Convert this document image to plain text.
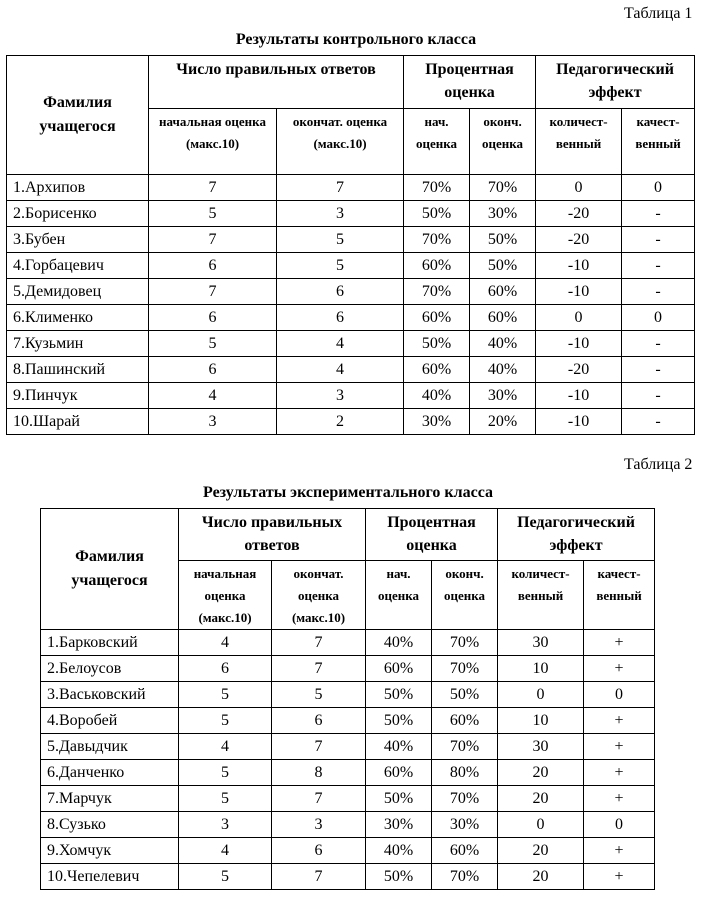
Таблица 1
Результаты контрольного класса
Фамилия учащегося	Число правильных ответов		Процентная оценка		Педагогический эффект	
	начальная оценка (макс.10)	окончат. оценка (макс.10)	нач. оценка	оконч. оценка	количест-венный	качест-венный
1.Архипов	7	7	70%	70%	0	0
2.Борисенко	5	3	50%	30%	-20	-
3.Бубен	7	5	70%	50%	-20	-
4.Горбацевич	6	5	60%	50%	-10	-
5.Демидовец	7	6	70%	60%	-10	-
6.Клименко	6	6	60%	60%	0	0
7.Кузьмин	5	4	50%	40%	-10	-
8.Пашинский	6	4	60%	40%	-20	-
9.Пинчук	4	3	40%	30%	-10	-
10.Шарай	3	2	30%	20%	-10	-
Таблица 2
Результаты экспериментального класса
Фамилия учащегося	Число правильных ответов		Процентная оценка		Педагогический эффект	
	начальная оценка (макс.10)	окончат. оценка (макс.10)	нач. оценка	оконч. оценка	количест-венный	качест-венный
1.Барковский	4	7	40%	70%	30	+
2.Белоусов	6	7	60%	70%	10	+
3.Васьковский	5	5	50%	50%	0	0
4.Воробей	5	6	50%	60%	10	+
5.Давыдчик	4	7	40%	70%	30	+
6.Данченко	5	8	60%	80%	20	+
7.Марчук	5	7	50%	70%	20	+
8.Сузько	3	3	30%	30%	0	0
9.Хомчук	4	6	40%	60%	20	+
10.Чепелевич	5	7	50%	70%	20	+
